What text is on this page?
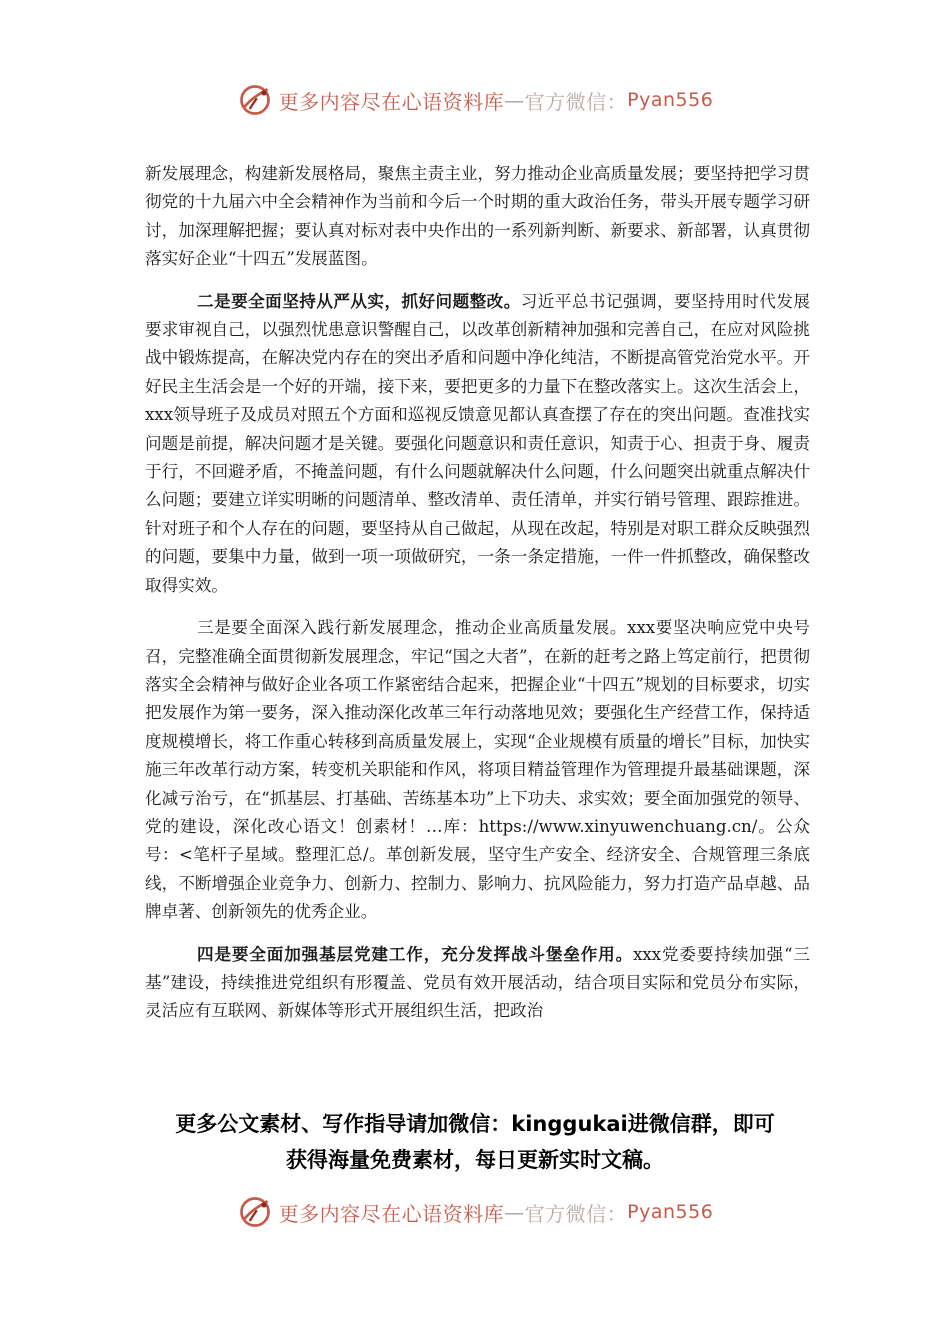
更多内容尽在心语资料库 — 官方微信： Pyan556

新发展理念，构建新发展格局，聚焦主责主业，努力推动企业高质量发展；要坚持把学习贯彻党的十九届六中全会精神作为当前和今后一个时期的重大政治任务，带头开展专题学习研讨，加深理解把握；要认真对标对表中央作出的一系列新判断、新要求、新部署，认真贯彻落实好企业“十四五”发展蓝图。

二是要全面坚持从严从实，抓好问题整改。习近平总书记强调，要坚持用时代发展要求审视自己，以强烈忧患意识警醒自己，以改革创新精神加强和完善自己，在应对风险挑战中锻炼提高，在解决党内存在的突出矛盾和问题中净化纯洁，不断提高管党治党水平。开好民主生活会是一个好的开端，接下来，要把更多的力量下在整改落实上。这次生活会上，xxx领导班子及成员对照五个方面和巡视反馈意见都认真查摆了存在的突出问题。查准找实问题是前提，解决问题才是关键。要强化问题意识和责任意识，知责于心、担责于身、履责于行，不回避矛盾，不掩盖问题，有什么问题就解决什么问题，什么问题突出就重点解决什么问题；要建立详实明晰的问题清单、整改清单、责任清单，并实行销号管理、跟踪推进。针对班子和个人存在的问题，要坚持从自己做起，从现在改起，特别是对职工群众反映强烈的问题，要集中力量，做到一项一项做研究，一条一条定措施，一件一件抓整改，确保整改取得实效。

三是要全面深入践行新发展理念，推动企业高质量发展。xxx要坚决响应党中央号召，完整准确全面贯彻新发展理念，牢记“国之大者”，在新的赶考之路上笃定前行，把贯彻落实全会精神与做好企业各项工作紧密结合起来，把握企业“十四五”规划的目标要求，切实把发展作为第一要务，深入推动深化改革三年行动落地见效；要强化生产经营工作，保持适度规模增长，将工作重心转移到高质量发展上，实现“企业规模有质量的增长”目标，加快实施三年改革行动方案，转变机关职能和作风，将项目精益管理作为管理提升最基础课题，深化减亏治亏，在“抓基层、打基础、苦练基本功”上下功夫、求实效；要全面加强党的领导、党的建设，深化改心语文！创素材！…库：https://www.xinyuwenchuang.cn/。公众号：<笔杆子星域。整理汇总/。革创新发展，坚守生产安全、经济安全、合规管理三条底线，不断增强企业竞争力、创新力、控制力、影响力、抗风险能力，努力打造产品卓越、品牌卓著、创新领先的优秀企业。

四是要全面加强基层党建工作，充分发挥战斗堡垒作用。xxx党委要持续加强“三基”建设，持续推进党组织有形覆盖、党员有效开展活动，结合项目实际和党员分布实际，灵活应有互联网、新媒体等形式开展组织生活，把政治

更多公文素材、写作指导请加微信：kinggukai进微信群，即可
获得海量免费素材，每日更新实时文稿。
更多内容尽在心语资料库 — 官方微信： Pyan556
